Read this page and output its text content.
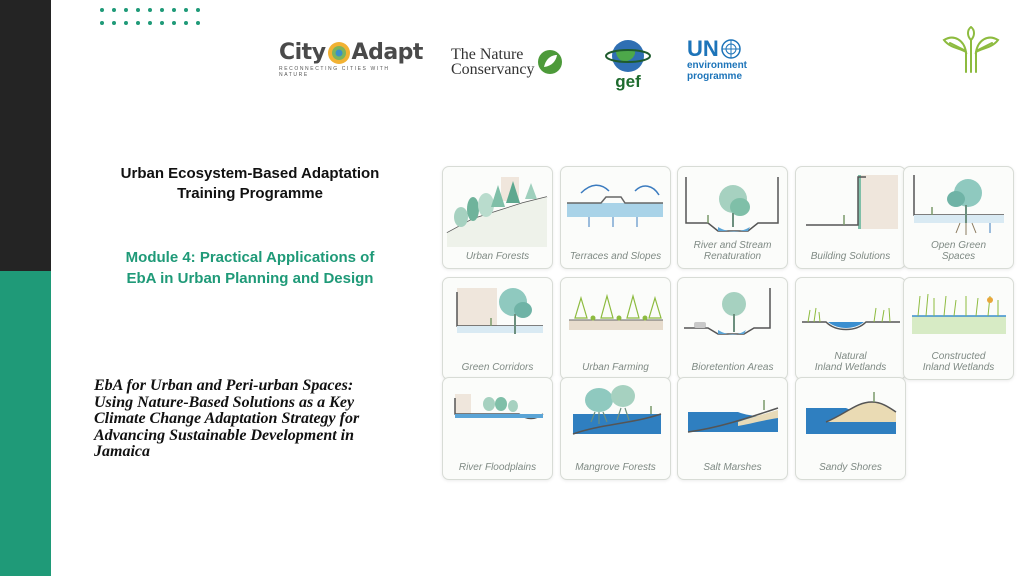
City Adapt
RECONNECTING CITIES WITH NATURE
The Nature
Conservancy
gef
UN
environment
programme
Urban Ecosystem-Based Adaptation
Training Programme
Module 4: Practical Applications of
EbA in Urban Planning and Design
EbA for Urban and Peri-urban Spaces:
Using Nature-Based Solutions as a Key
Climate Change Adaptation Strategy for
Advancing Sustainable Development in
Jamaica
Urban Forests	Terraces and Slopes
River and Stream
Renaturation	Building Solutions
Open Green
Spaces
Green Corridors	Urban Farming	Bioretention Areas
Natural
Inland Wetlands
Constructed
Inland Wetlands
River Floodplains	Mangrove Forests	Salt Marshes	Sandy Shores
